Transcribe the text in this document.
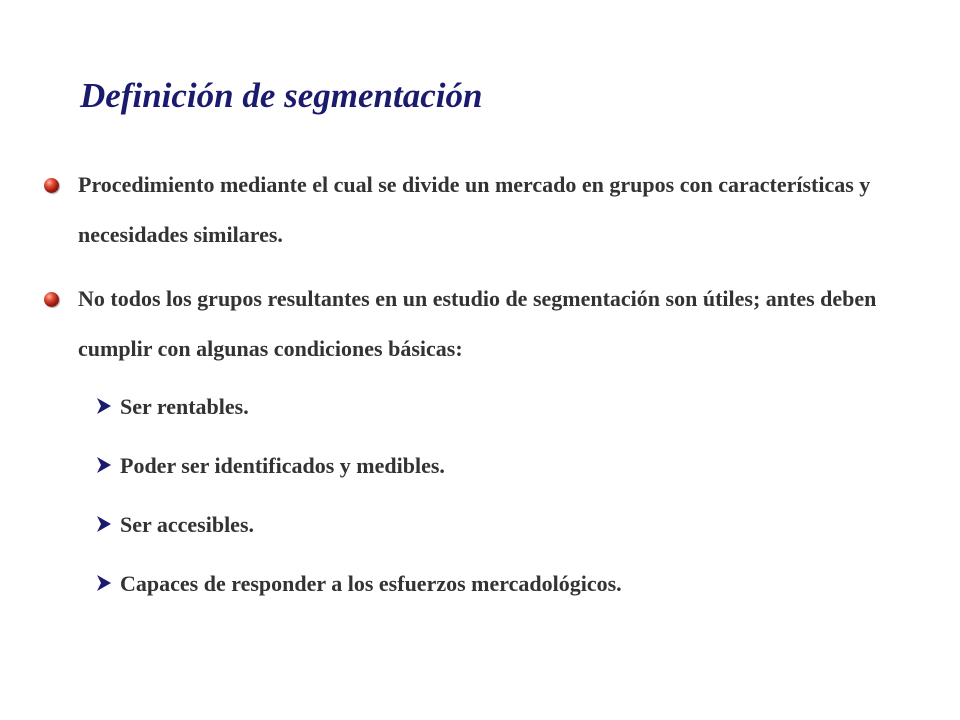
Definición de segmentación
Procedimiento mediante el cual se divide un mercado en grupos con características y necesidades similares.
No todos los grupos resultantes en un estudio de segmentación son útiles; antes deben cumplir con algunas condiciones básicas:
Ser rentables.
Poder ser identificados y medibles.
Ser accesibles.
Capaces de responder a los esfuerzos mercadológicos.
